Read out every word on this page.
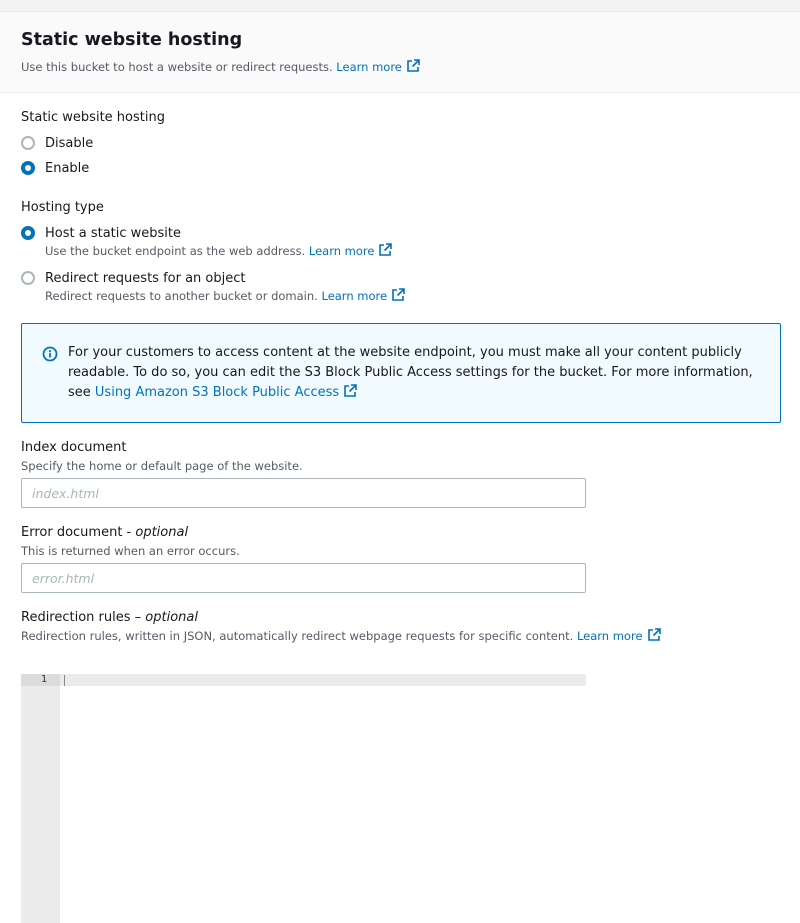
Static website hosting
Use this bucket to host a website or redirect requests. Learn more
Static website hosting
Disable
Enable
Hosting type
Host a static website
Use the bucket endpoint as the web address. Learn more
Redirect requests for an object
Redirect requests to another bucket or domain. Learn more
For your customers to access content at the website endpoint, you must make all your content publicly readable. To do so, you can edit the S3 Block Public Access settings for the bucket. For more information, see Using Amazon S3 Block Public Access
Index document
Specify the home or default page of the website.
index.html
Error document - optional
This is returned when an error occurs.
error.html
Redirection rules – optional
Redirection rules, written in JSON, automatically redirect webpage requests for specific content. Learn more
1
